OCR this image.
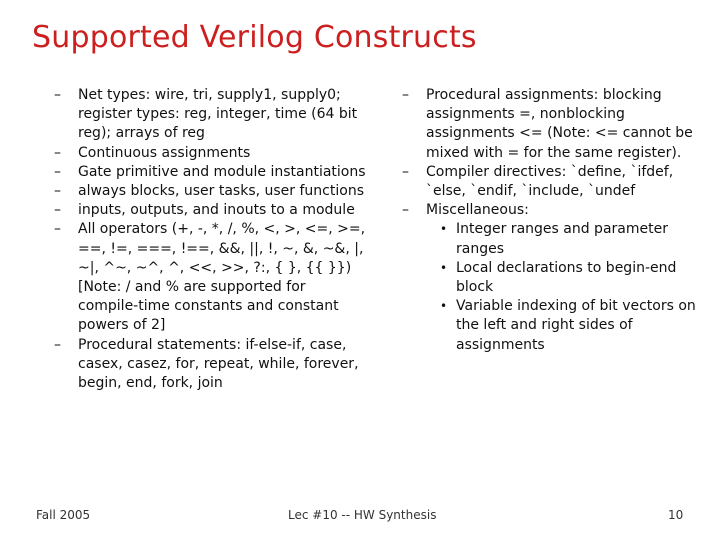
Supported Verilog Constructs
–	Net types: wire, tri, supply1, supply0; register types: reg, integer, time (64 bit reg); arrays of reg
–	Continuous assignments
–	Gate primitive and module instantiations
–	always blocks, user tasks, user functions
–	inputs, outputs, and inouts to a module
–	All operators (+, -, *, /, %, <, >, <=, >=, ==, !=, ===, !==, &&, ||, !, ~, &, ~&, |, ~|, ^~, ~^, ^, <<, >>, ?:, { }, {{ }}) [Note: / and % are supported for compile-time constants and constant powers of 2]
–	Procedural statements: if-else-if, case, casex, casez, for, repeat, while, forever, begin, end, fork, join
–	Procedural assignments: blocking assignments =, nonblocking assignments <= (Note: <= cannot be mixed with = for the same register).
–	Compiler directives: `define, `ifdef, `else, `endif, `include, `undef
–	Miscellaneous:
• Integer ranges and parameter ranges
• Local declarations to begin-end block
• Variable indexing of bit vectors on the left and right sides of assignments
Fall 2005	Lec #10 -- HW Synthesis	10
